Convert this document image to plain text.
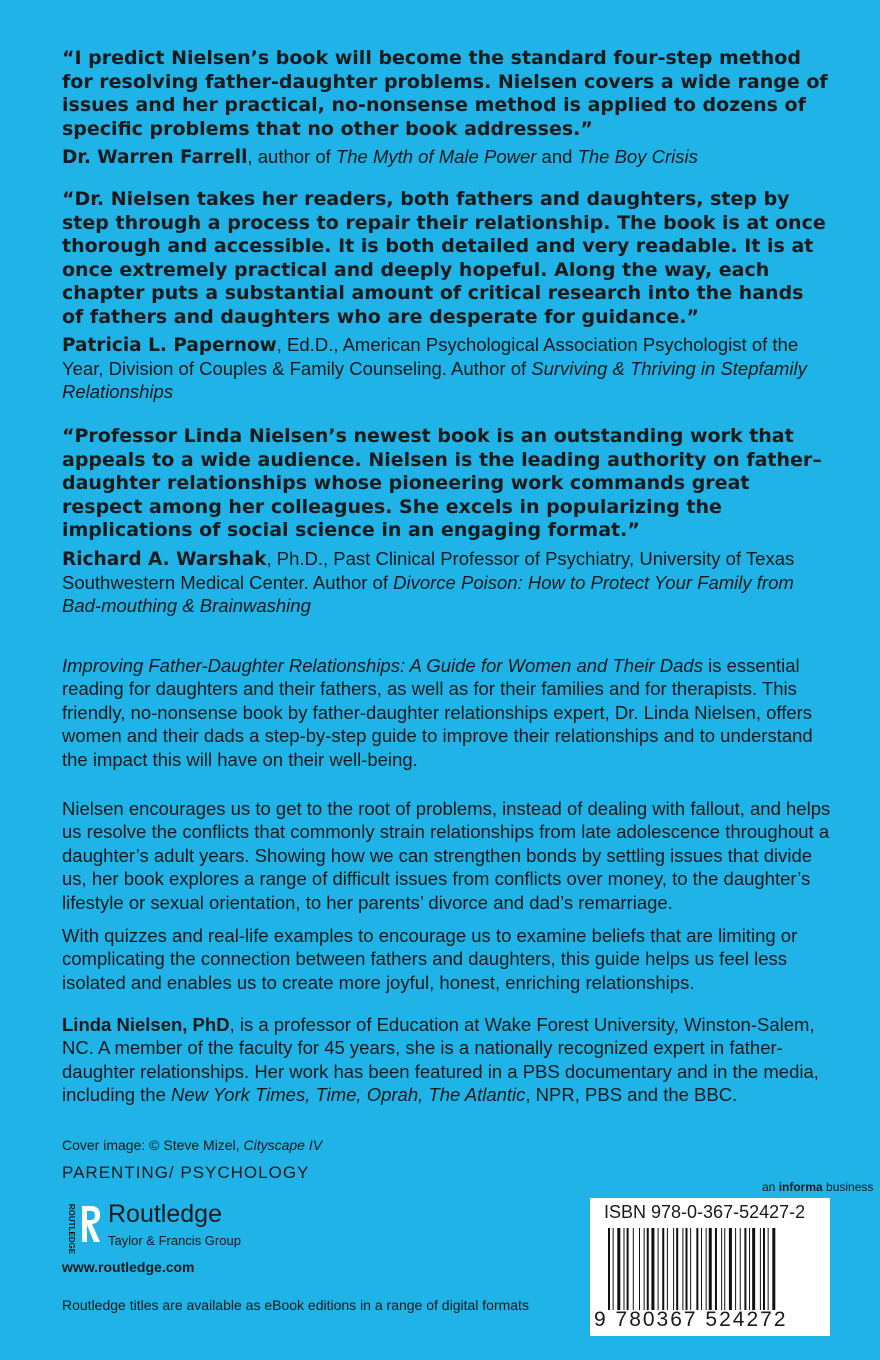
“I predict Nielsen’s book will become the standard four-step method for resolving father-daughter problems. Nielsen covers a wide range of issues and her practical, no-nonsense method is applied to dozens of specific problems that no other book addresses.”

Dr. Warren Farrell, author of The Myth of Male Power and The Boy Crisis

“Dr. Nielsen takes her readers, both fathers and daughters, step by step through a process to repair their relationship. The book is at once thorough and accessible. It is both detailed and very readable. It is at once extremely practical and deeply hopeful. Along the way, each chapter puts a substantial amount of critical research into the hands of fathers and daughters who are desperate for guidance.”

Patricia L. Papernow, Ed.D., American Psychological Association Psychologist of the Year, Division of Couples & Family Counseling. Author of Surviving & Thriving in Stepfamily Relationships

“Professor Linda Nielsen’s newest book is an outstanding work that appeals to a wide audience. Nielsen is the leading authority on father–daughter relationships whose pioneering work commands great respect among her colleagues. She excels in popularizing the implications of social science in an engaging format.”

Richard A. Warshak, Ph.D., Past Clinical Professor of Psychiatry, University of Texas Southwestern Medical Center. Author of Divorce Poison: How to Protect Your Family from Bad-mouthing & Brainwashing

Improving Father-Daughter Relationships: A Guide for Women and Their Dads is essential reading for daughters and their fathers, as well as for their families and for therapists. This friendly, no-nonsense book by father-daughter relationships expert, Dr. Linda Nielsen, offers women and their dads a step-by-step guide to improve their relationships and to understand the impact this will have on their well-being.

Nielsen encourages us to get to the root of problems, instead of dealing with fallout, and helps us resolve the conflicts that commonly strain relationships from late adolescence throughout a daughter’s adult years. Showing how we can strengthen bonds by settling issues that divide us, her book explores a range of difficult issues from conflicts over money, to the daughter’s lifestyle or sexual orientation, to her parents’ divorce and dad’s remarriage.

With quizzes and real-life examples to encourage us to examine beliefs that are limiting or complicating the connection between fathers and daughters, this guide helps us feel less isolated and enables us to create more joyful, honest, enriching relationships.

Linda Nielsen, PhD, is a professor of Education at Wake Forest University, Winston-Salem, NC. A member of the faculty for 45 years, she is a nationally recognized expert in father-daughter relationships. Her work has been featured in a PBS documentary and in the media, including the New York Times, Time, Oprah, The Atlantic, NPR, PBS and the BBC.

Cover image: © Steve Mizel, Cityscape IV
PARENTING/ PSYCHOLOGY
ROUTLEDGE Routledge
Taylor & Francis Group
www.routledge.com
an informa business
ISBN 978-0-367-52427-2
9 780367 524272
Routledge titles are available as eBook editions in a range of digital formats
